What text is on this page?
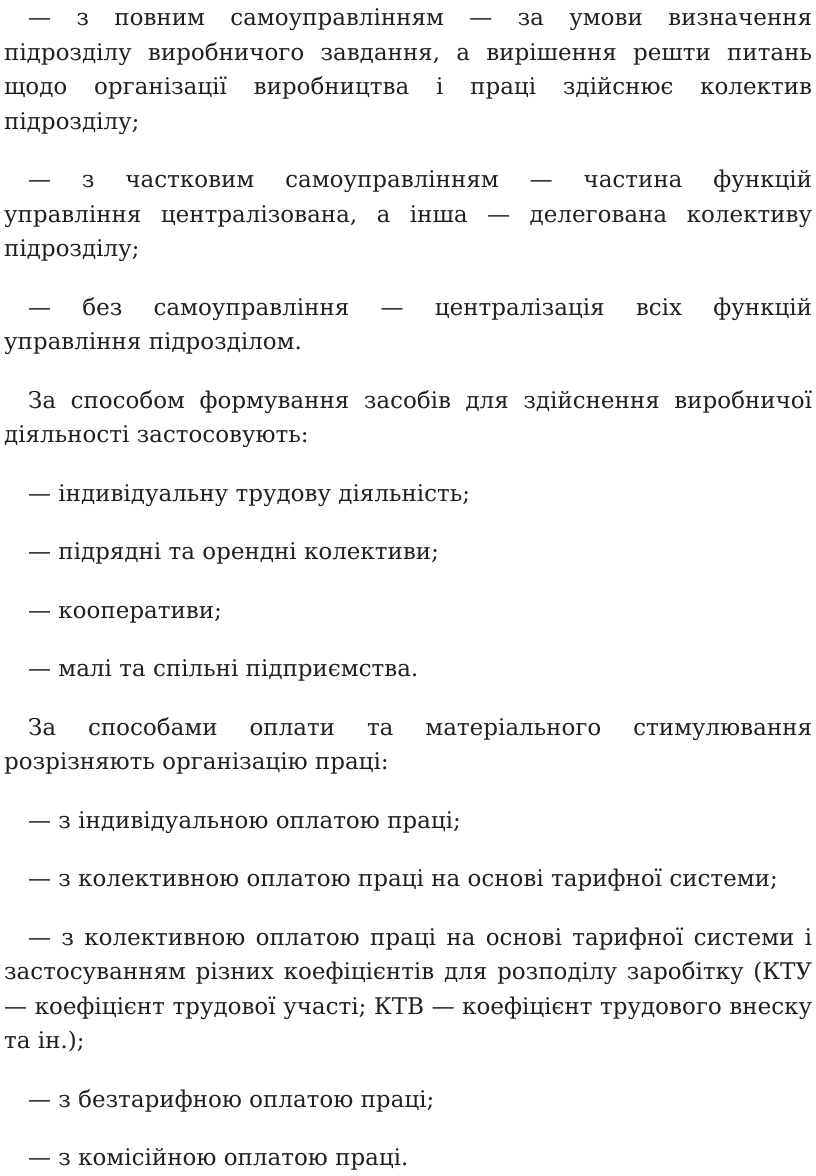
— з повним самоуправлінням — за умови визначення підрозділу виробничого завдання, а вирішення решти питань щодо організації виробництва і праці здійснює колектив підрозділу;

— з частковим самоуправлінням — частина функцій управління централізована, а інша — делегована колективу підрозділу;

— без самоуправління — централізація всіх функцій управління підрозділом.

За способом формування засобів для здійснення виробничої діяльності застосовують:

— індивідуальну трудову діяльність;

— підрядні та орендні колективи;

— кооперативи;

— малі та спільні підприємства.

За способами оплати та матеріального стимулювання розрізняють організацію праці:

— з індивідуальною оплатою праці;

— з колективною оплатою праці на основі тарифної системи;

— з колективною оплатою праці на основі тарифної системи і застосуванням різних коефіцієнтів для розподілу заробітку (КТУ — коефіцієнт трудової участі; КТВ — коефіцієнт трудового внеску та ін.);

— з безтарифною оплатою праці;

— з комісійною оплатою праці.
